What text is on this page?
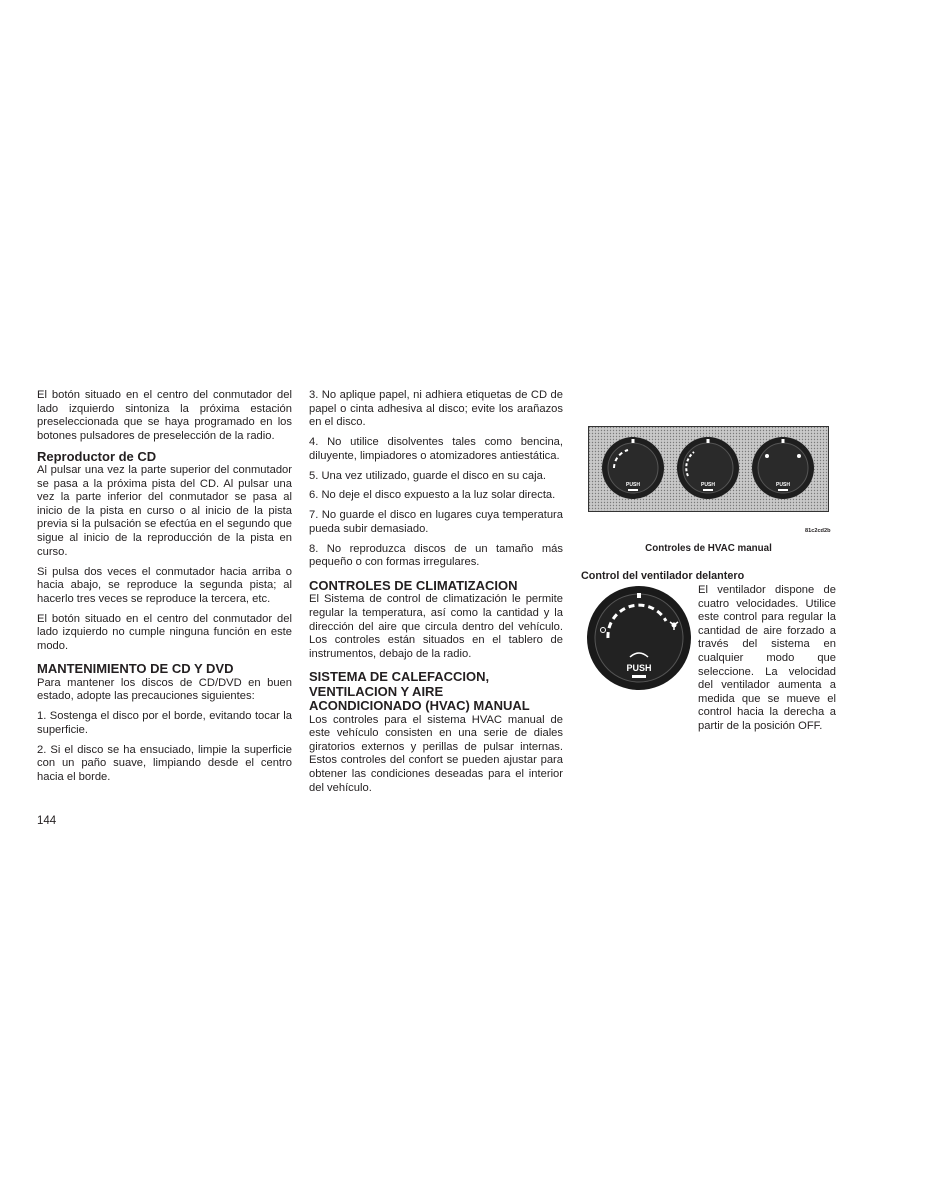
El botón situado en el centro del conmutador del lado izquierdo sintoniza la próxima estación preseleccionada que se haya programado en los botones pulsadores de preselección de la radio.

Reproductor de CD

Al pulsar una vez la parte superior del conmutador se pasa a la próxima pista del CD. Al pulsar una vez la parte inferior del conmutador se pasa al inicio de la pista en curso o al inicio de la pista previa si la pulsación se efectúa en el segundo que sigue al inicio de la reproducción de la pista en curso.

Si pulsa dos veces el conmutador hacia arriba o hacia abajo, se reproduce la segunda pista; al hacerlo tres veces se reproduce la tercera, etc.

El botón situado en el centro del conmutador del lado izquierdo no cumple ninguna función en este modo.

MANTENIMIENTO DE CD Y DVD

Para mantener los discos de CD/DVD en buen estado, adopte las precauciones siguientes:

1. Sostenga el disco por el borde, evitando tocar la superficie.

2. Si el disco se ha ensuciado, limpie la superficie con un paño suave, limpiando desde el centro hacia el borde.

3. No aplique papel, ni adhiera etiquetas de CD de papel o cinta adhesiva al disco; evite los arañazos en el disco.

4. No utilice disolventes tales como bencina, diluyente, limpiadores o atomizadores antiestática.

5. Una vez utilizado, guarde el disco en su caja.

6. No deje el disco expuesto a la luz solar directa.

7. No guarde el disco en lugares cuya temperatura pueda subir demasiado.

8. No reproduzca discos de un tamaño más pequeño o con formas irregulares.

CONTROLES DE CLIMATIZACION

El Sistema de control de climatización le permite regular la temperatura, así como la cantidad y la dirección del aire que circula dentro del vehículo. Los controles están situados en el tablero de instrumentos, debajo de la radio.

SISTEMA DE CALEFACCION, VENTILACION Y AIRE ACONDICIONADO (HVAC) MANUAL

Los controles para el sistema HVAC manual de este vehículo consisten en una serie de diales giratorios externos y perillas de pulsar internas. Estos controles del confort se pueden ajustar para obtener las condiciones deseadas para el interior del vehículo.

144
PUSH	PUSH	PUSH
81c2cd2b
Controles de HVAC manual
Control del ventilador delantero
PUSH
El ventilador dispone de cuatro velocidades. Utilice este control para regular la cantidad de aire forzado a través del sistema en cualquier modo que seleccione. La velocidad del ventilador aumenta a medida que se mueve el control hacia la derecha a partir de la posición OFF.
